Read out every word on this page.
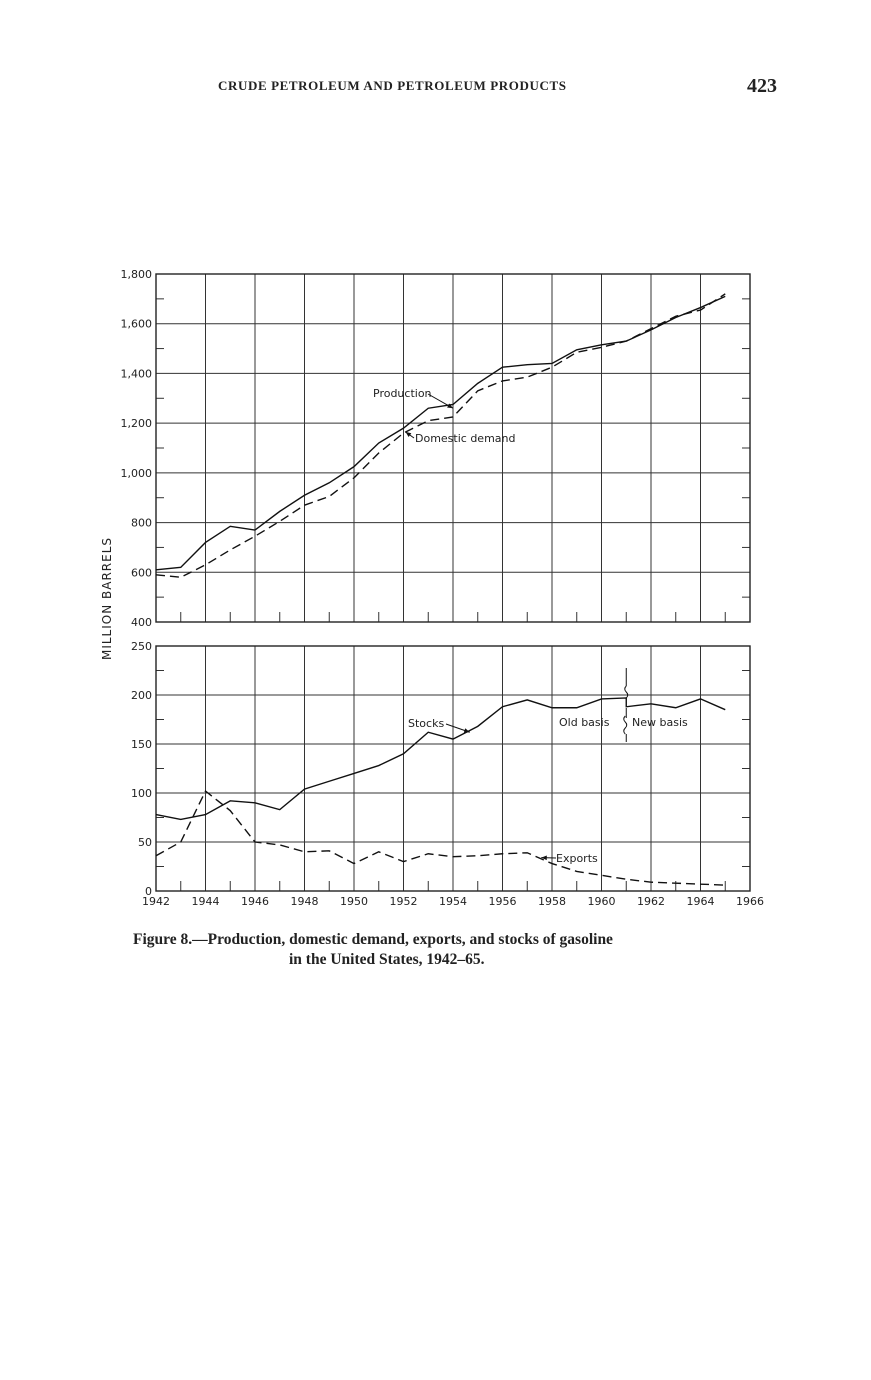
CRUDE PETROLEUM AND PETROLEUM PRODUCTS	423
400
600
800
1,000
1,200
1,400
1,600
1,800
0
50
100
150
200
250
1942 1944 1946 1948 1950 1952 1954 1956 1958 1960 1962 1964 1966
Production
Domestic demand
Stocks
Exports
Old basis New basis
MILLION BARRELS
Figure 8.—Production, domestic demand, exports, and stocks of gasoline
in the United States, 1942–65.
